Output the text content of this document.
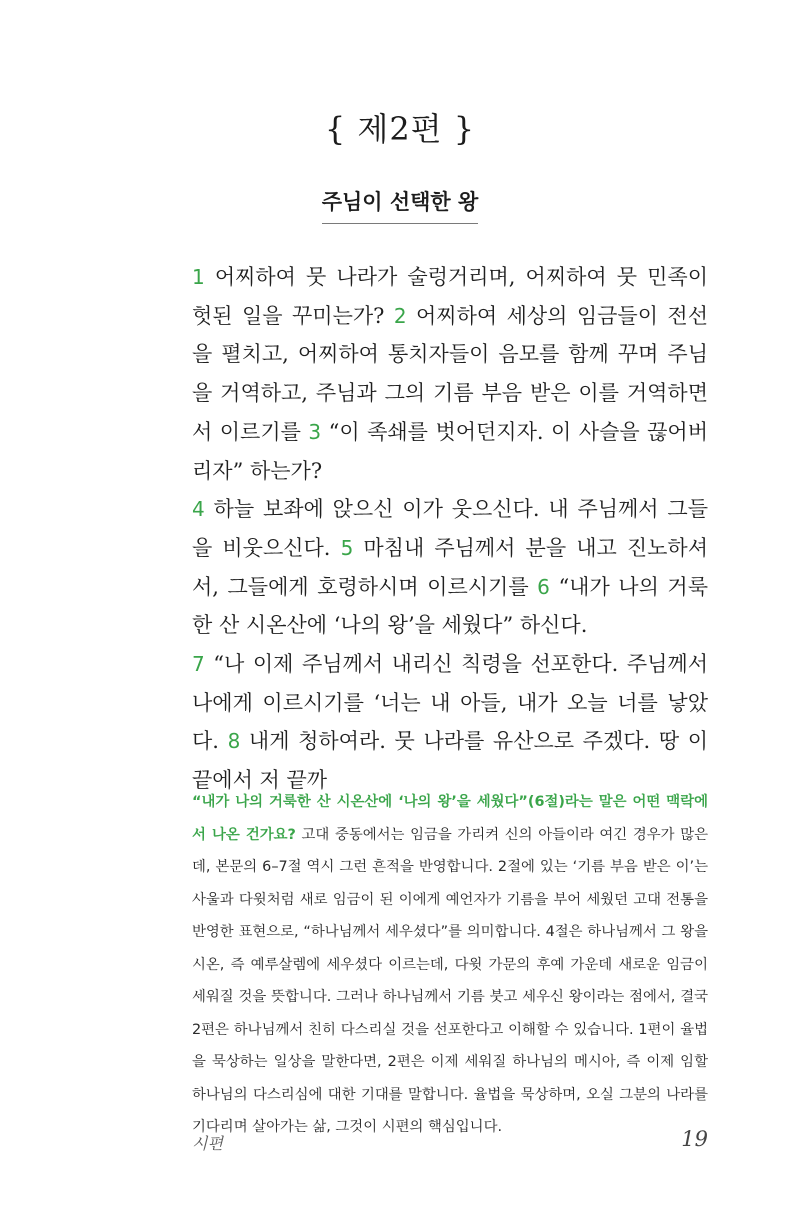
{ 제2편 }
주님이 선택한 왕

1 어찌하여 뭇 나라가 술렁거리며, 어찌하여 뭇 민족이 헛된 일을 꾸미는가? 2 어찌하여 세상의 임금들이 전선을 펼치고, 어찌하여 통치자들이 음모를 함께 꾸며 주님을 거역하고, 주님과 그의 기름 부음 받은 이를 거역하면서 이르기를 3 “이 족쇄를 벗어던지자. 이 사슬을 끊어버리자” 하는가?

4 하늘 보좌에 앉으신 이가 웃으신다. 내 주님께서 그들을 비웃으신다. 5 마침내 주님께서 분을 내고 진노하셔서, 그들에게 호령하시며 이르시기를 6 “내가 나의 거룩한 산 시온산에 ‘나의 왕’을 세웠다” 하신다.

7 “나 이제 주님께서 내리신 칙령을 선포한다. 주님께서 나에게 이르시기를 ‘너는 내 아들, 내가 오늘 너를 낳았다. 8 내게 청하여라. 뭇 나라를 유산으로 주겠다. 땅 이 끝에서 저 끝까

“내가 나의 거룩한 산 시온산에 ‘나의 왕’을 세웠다”(6절)라는 말은 어떤 맥락에서 나온 건가요? 고대 중동에서는 임금을 가리켜 신의 아들이라 여긴 경우가 많은데, 본문의 6–7절 역시 그런 흔적을 반영합니다. 2절에 있는 ‘기름 부음 받은 이’는 사울과 다윗처럼 새로 임금이 된 이에게 예언자가 기름을 부어 세웠던 고대 전통을 반영한 표현으로, “하나님께서 세우셨다”를 의미합니다. 4절은 하나님께서 그 왕을 시온, 즉 예루살렘에 세우셨다 이르는데, 다윗 가문의 후예 가운데 새로운 임금이 세워질 것을 뜻합니다. 그러나 하나님께서 기름 붓고 세우신 왕이라는 점에서, 결국 2편은 하나님께서 친히 다스리실 것을 선포한다고 이해할 수 있습니다. 1편이 율법을 묵상하는 일상을 말한다면, 2편은 이제 세워질 하나님의 메시아, 즉 이제 임할 하나님의 다스리심에 대한 기대를 말합니다. 율법을 묵상하며, 오실 그분의 나라를 기다리며 살아가는 삶, 그것이 시편의 핵심입니다.

시편	19
